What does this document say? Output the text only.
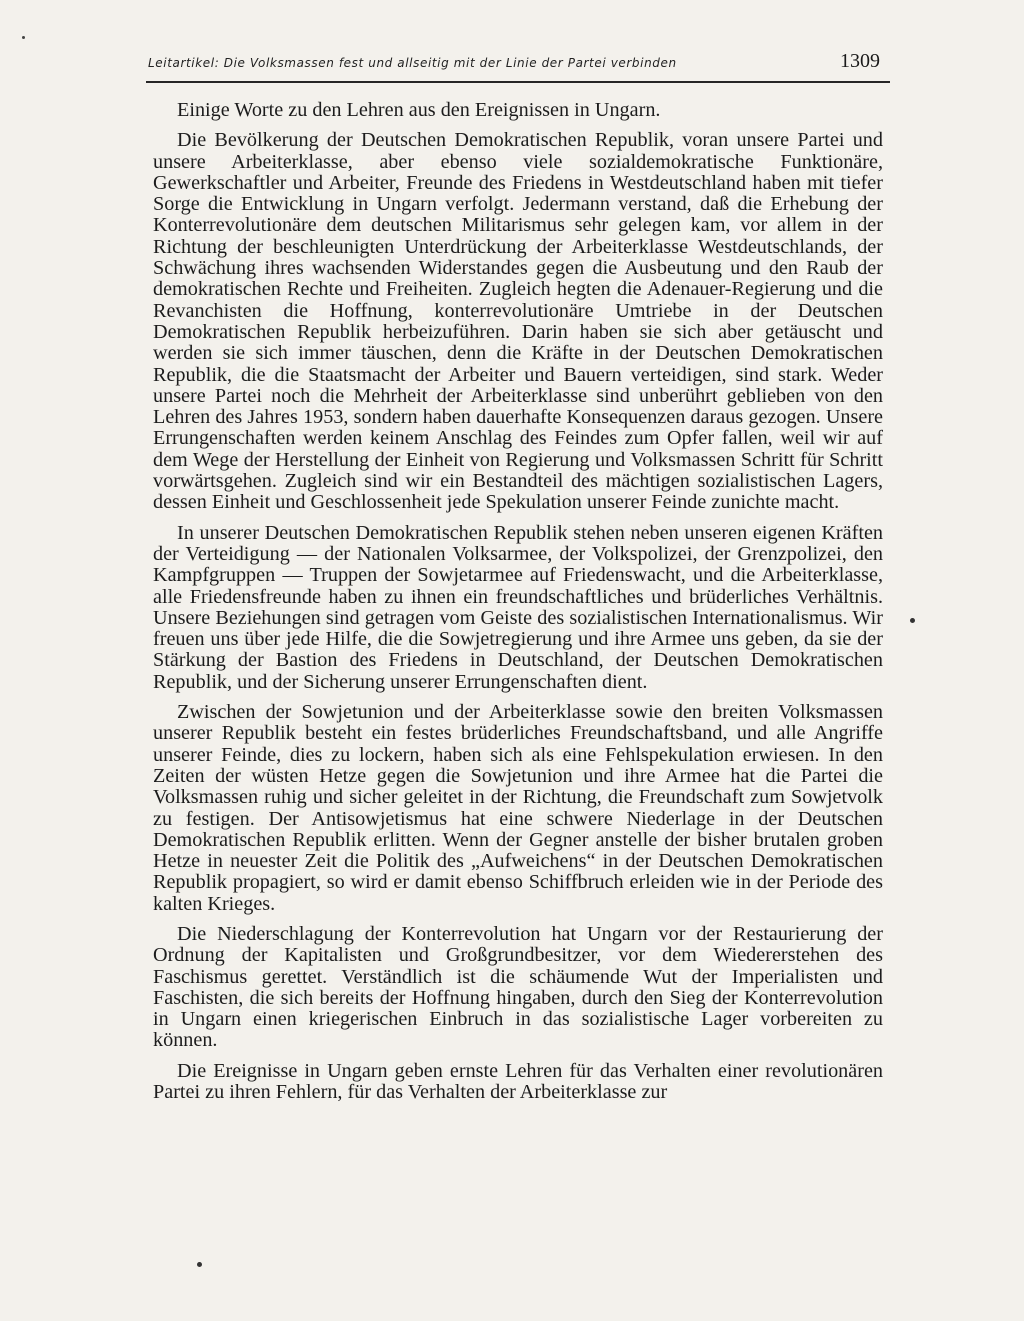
Leitartikel: Die Volksmassen fest und allseitig mit der Linie der Partei verbinden	1309

Einige Worte zu den Lehren aus den Ereignissen in Ungarn.

Die Bevölkerung der Deutschen Demokratischen Republik, voran unsere Partei und unsere Arbeiterklasse, aber ebenso viele sozialdemokratische Funktionäre, Gewerkschaftler und Arbeiter, Freunde des Friedens in Westdeutschland haben mit tiefer Sorge die Entwicklung in Ungarn verfolgt. Jedermann verstand, daß die Erhebung der Konterrevolutionäre dem deutschen Militarismus sehr gelegen kam, vor allem in der Richtung der beschleunigten Unterdrückung der Arbeiterklasse Westdeutschlands, der Schwächung ihres wachsenden Widerstandes gegen die Ausbeutung und den Raub der demokratischen Rechte und Freiheiten. Zugleich hegten die Adenauer-Regierung und die Revanchisten die Hoffnung, konterrevolutionäre Umtriebe in der Deutschen Demokratischen Republik herbeizuführen. Darin haben sie sich aber getäuscht und werden sie sich immer täuschen, denn die Kräfte in der Deutschen Demokratischen Republik, die die Staatsmacht der Arbeiter und Bauern verteidigen, sind stark. Weder unsere Partei noch die Mehrheit der Arbeiterklasse sind unberührt geblieben von den Lehren des Jahres 1953, sondern haben dauerhafte Konsequenzen daraus gezogen. Unsere Errungenschaften werden keinem Anschlag des Feindes zum Opfer fallen, weil wir auf dem Wege der Herstellung der Einheit von Regierung und Volksmassen Schritt für Schritt vorwärtsgehen. Zugleich sind wir ein Bestandteil des mächtigen sozialistischen Lagers, dessen Einheit und Geschlossenheit jede Spekulation unserer Feinde zunichte macht.

In unserer Deutschen Demokratischen Republik stehen neben unseren eigenen Kräften der Verteidigung — der Nationalen Volksarmee, der Volkspolizei, der Grenzpolizei, den Kampfgruppen — Truppen der Sowjetarmee auf Friedenswacht, und die Arbeiterklasse, alle Friedensfreunde haben zu ihnen ein freundschaftliches und brüderliches Verhältnis. Unsere Beziehungen sind getragen vom Geiste des sozialistischen Internationalismus. Wir freuen uns über jede Hilfe, die die Sowjetregierung und ihre Armee uns geben, da sie der Stärkung der Bastion des Friedens in Deutschland, der Deutschen Demokratischen Republik, und der Sicherung unserer Errungenschaften dient.

Zwischen der Sowjetunion und der Arbeiterklasse sowie den breiten Volksmassen unserer Republik besteht ein festes brüderliches Freundschaftsband, und alle Angriffe unserer Feinde, dies zu lockern, haben sich als eine Fehlspekulation erwiesen. In den Zeiten der wüsten Hetze gegen die Sowjetunion und ihre Armee hat die Partei die Volksmassen ruhig und sicher geleitet in der Richtung, die Freundschaft zum Sowjetvolk zu festigen. Der Antisowjetismus hat eine schwere Niederlage in der Deutschen Demokratischen Republik erlitten. Wenn der Gegner anstelle der bisher brutalen groben Hetze in neuester Zeit die Politik des „Aufweichens“ in der Deutschen Demokratischen Republik propagiert, so wird er damit ebenso Schiffbruch erleiden wie in der Periode des kalten Krieges.

Die Niederschlagung der Konterrevolution hat Ungarn vor der Restaurierung der Ordnung der Kapitalisten und Großgrundbesitzer, vor dem Wiedererstehen des Faschismus gerettet. Verständlich ist die schäumende Wut der Imperialisten und Faschisten, die sich bereits der Hoffnung hingaben, durch den Sieg der Konterrevolution in Ungarn einen kriegerischen Einbruch in das sozialistische Lager vorbereiten zu können.

Die Ereignisse in Ungarn geben ernste Lehren für das Verhalten einer revolutionären Partei zu ihren Fehlern, für das Verhalten der Arbeiterklasse zur
